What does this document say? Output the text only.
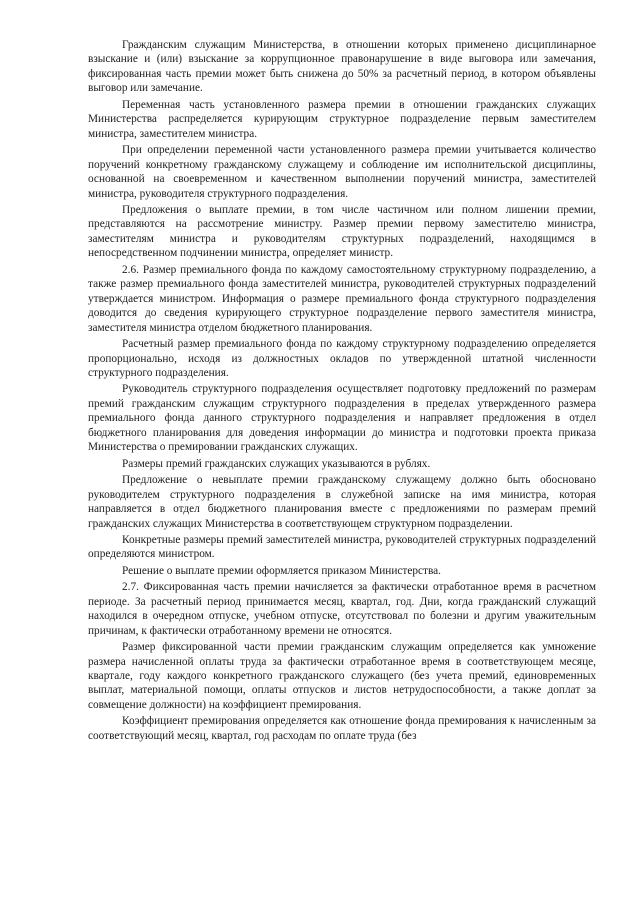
Гражданским служащим Министерства, в отношении которых применено дисциплинарное взыскание и (или) взыскание за коррупционное правонарушение в виде выговора или замечания, фиксированная часть премии может быть снижена до 50% за расчетный период, в котором объявлены выговор или замечание.

Переменная часть установленного размера премии в отношении гражданских служащих Министерства распределяется курирующим структурное подразделение первым заместителем министра, заместителем министра.

При определении переменной части установленного размера премии учитывается количество поручений конкретному гражданскому служащему и соблюдение им исполнительской дисциплины, основанной на своевременном и качественном выполнении поручений министра, заместителей министра, руководителя структурного подразделения.

Предложения о выплате премии, в том числе частичном или полном лишении премии, представляются на рассмотрение министру. Размер премии первому заместителю министра, заместителям министра и руководителям структурных подразделений, находящимся в непосредственном подчинении министра, определяет министр.

2.6. Размер премиального фонда по каждому самостоятельному структурному подразделению, а также размер премиального фонда заместителей министра, руководителей структурных подразделений утверждается министром. Информация о размере премиального фонда структурного подразделения доводится до сведения курирующего структурное подразделение первого заместителя министра, заместителя министра отделом бюджетного планирования.

Расчетный размер премиального фонда по каждому структурному подразделению определяется пропорционально, исходя из должностных окладов по утвержденной штатной численности структурного подразделения.

Руководитель структурного подразделения осуществляет подготовку предложений по размерам премий гражданским служащим структурного подразделения в пределах утвержденного размера премиального фонда данного структурного подразделения и направляет предложения в отдел бюджетного планирования для доведения информации до министра и подготовки проекта приказа Министерства о премировании гражданских служащих.

Размеры премий гражданских служащих указываются в рублях.

Предложение о невыплате премии гражданскому служащему должно быть обосновано руководителем структурного подразделения в служебной записке на имя министра, которая направляется в отдел бюджетного планирования вместе с предложениями по размерам премий гражданских служащих Министерства в соответствующем структурном подразделении.

Конкретные размеры премий заместителей министра, руководителей структурных подразделений определяются министром.

Решение о выплате премии оформляется приказом Министерства.

2.7. Фиксированная часть премии начисляется за фактически отработанное время в расчетном периоде. За расчетный период принимается месяц, квартал, год. Дни, когда гражданский служащий находился в очередном отпуске, учебном отпуске, отсутствовал по болезни и другим уважительным причинам, к фактически отработанному времени не относятся.

Размер фиксированной части премии гражданским служащим определяется как умножение размера начисленной оплаты труда за фактически отработанное время в соответствующем месяце, квартале, году каждого конкретного гражданского служащего (без учета премий, единовременных выплат, материальной помощи, оплаты отпусков и листов нетрудоспособности, а также доплат за совмещение должности) на коэффициент премирования.

Коэффициент премирования определяется как отношение фонда премирования к начисленным за соответствующий месяц, квартал, год расходам по оплате труда (без
